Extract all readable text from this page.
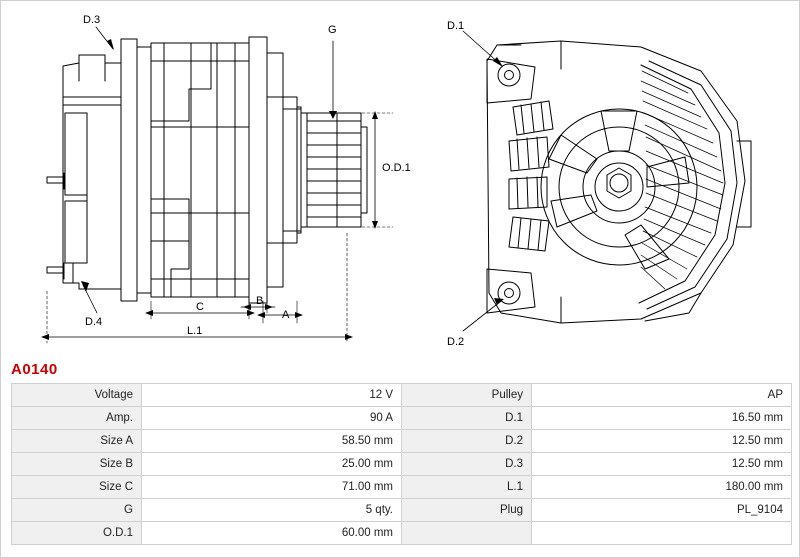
D.3
D.4
G
O.D.1
A
B
C
L.1
D.1
D.2
A0140
Voltage	12 V	Pulley	AP

Amp.	90 A	D.1	16.50 mm

Size A	58.50 mm	D.2	12.50 mm

Size B	25.00 mm	D.3	12.50 mm

Size C	71.00 mm	L.1	180.00 mm

G	5 qty.	Plug	PL_9104

O.D.1	60.00 mm		
